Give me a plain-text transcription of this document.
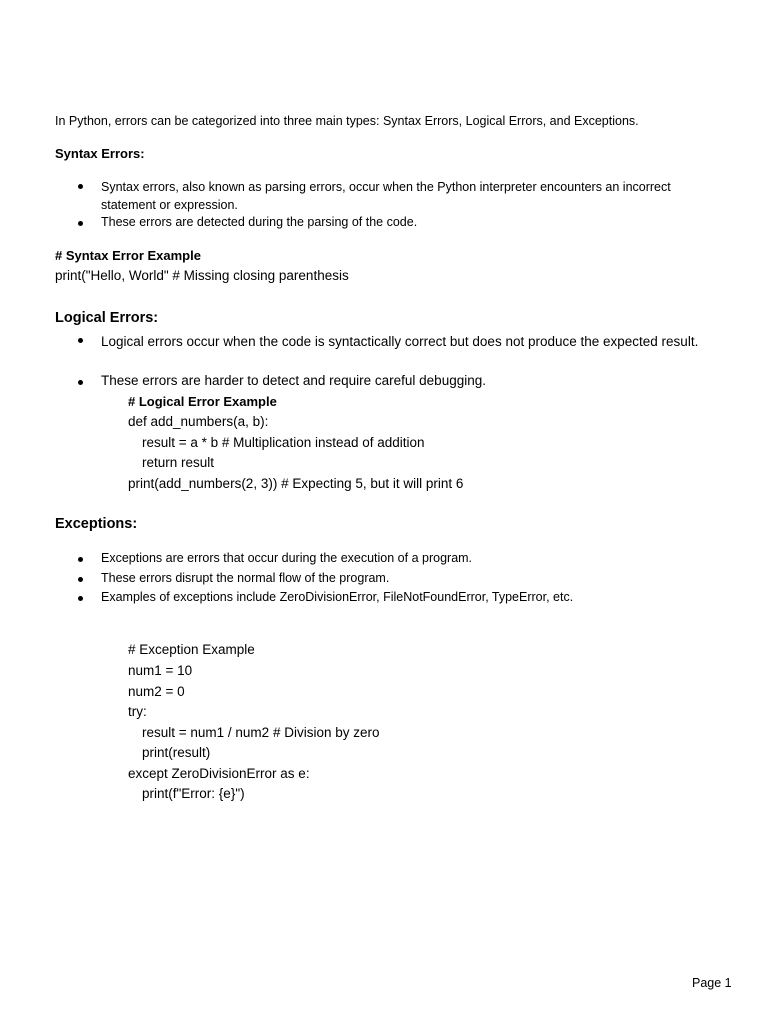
In Python, errors can be categorized into three main types: Syntax Errors, Logical Errors, and Exceptions.

Syntax Errors:

Syntax errors, also known as parsing errors, occur when the Python interpreter encounters an incorrect statement or expression.

These errors are detected during the parsing of the code.

# Syntax Error Example

print("Hello, World" # Missing closing parenthesis

Logical Errors:

Logical errors occur when the code is syntactically correct but does not produce the expected result.

These errors are harder to detect and require careful debugging.

# Logical Error Example

def add_numbers(a, b):

result = a * b # Multiplication instead of addition

return result

print(add_numbers(2, 3)) # Expecting 5, but it will print 6

Exceptions:

Exceptions are errors that occur during the execution of a program.

These errors disrupt the normal flow of the program.

Examples of exceptions include ZeroDivisionError, FileNotFoundError, TypeError, etc.

# Exception Example

num1 = 10

num2 = 0

try:

result = num1 / num2 # Division by zero

print(result)

except ZeroDivisionError as e:

print(f"Error: {e}")

Page 1
